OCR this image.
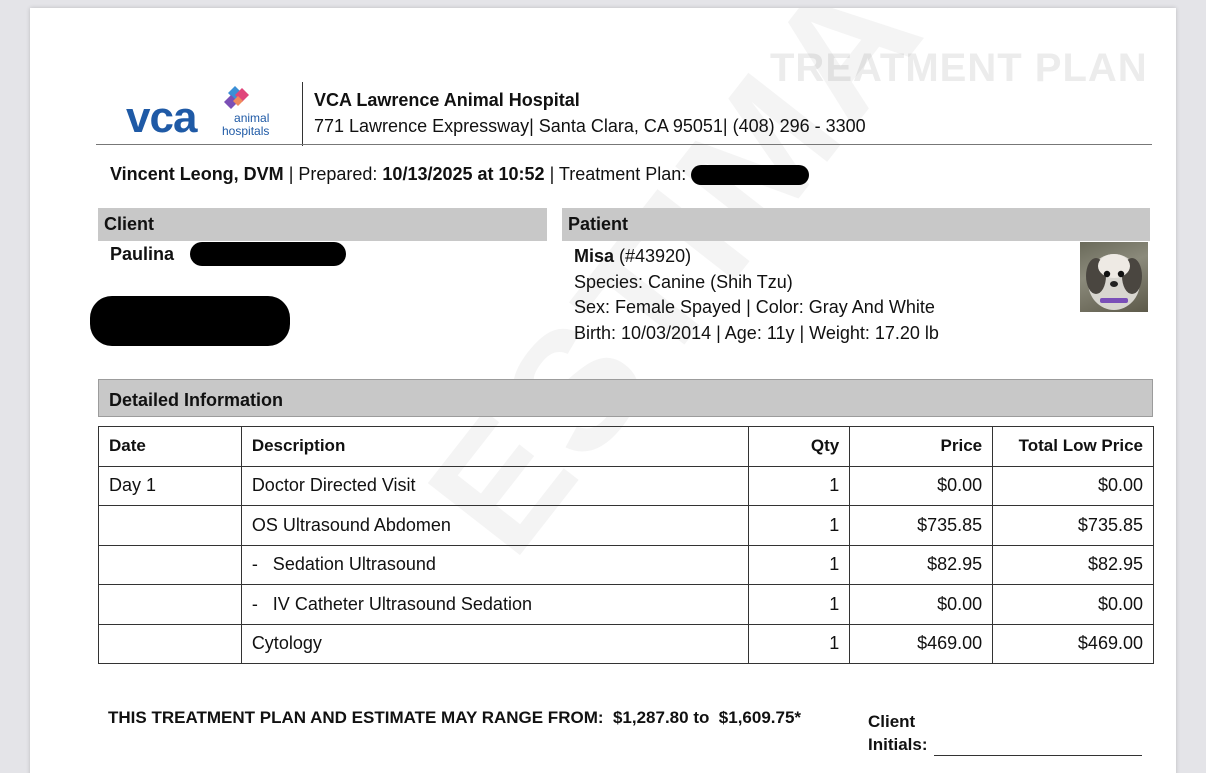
TREATMENT PLAN
vca	animal
hospitals
VCA Lawrence Animal Hospital
771 Lawrence Expressway| Santa Clara, CA 95051| (408) 296 - 3300
Vincent Leong, DVM | Prepared: 10/13/2025 at 10:52 | Treatment Plan:
Client
Paulina
Patient
Misa (#43920)
Species: Canine (Shih Tzu)
Sex: Female Spayed | Color: Gray And White
Birth: 10/03/2014 | Age: 11y | Weight: 17.20 lb
Detailed Information
Date	Description	Qty	Price	Total Low Price
Day 1	Doctor Directed Visit	1	$0.00	$0.00
	OS Ultrasound Abdomen	1	$735.85	$735.85
	-   Sedation Ultrasound	1	$82.95	$82.95
	-   IV Catheter Ultrasound Sedation	1	$0.00	$0.00
	Cytology	1	$469.00	$469.00
THIS TREATMENT PLAN AND ESTIMATE MAY RANGE FROM:  $1,287.80 to  $1,609.75*	Client
Initials:
